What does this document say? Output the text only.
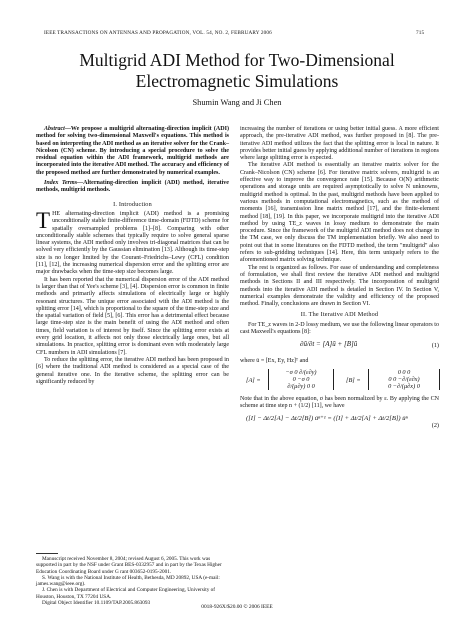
IEEE TRANSACTIONS ON ANTENNAS AND PROPAGATION, VOL. 54, NO. 2, FEBRUARY 2006	715
Multigrid ADI Method for Two-Dimensional
Electromagnetic Simulations
Shumin Wang and Ji Chen

Abstract—We propose a multigrid alternating-direction implicit (ADI) method for solving two-dimensional Maxwell's equations. This method is based on interpreting the ADI method as an iterative solver for the Crank–Nicolson (CN) scheme. By introducing a special procedure to solve the residual equation within the ADI framework, multigrid methods are incorporated into the iterative ADI method. The accuracy and efficiency of the proposed method are further demonstrated by numerical examples.

Index Terms—Alternating-direction implicit (ADI) method, iterative methods, multigrid methods.

I. Introduction

THE alternating-direction implicit (ADI) method is a promising unconditionally stable finite-difference time-domain (FDTD) scheme for spatially oversampled problems [1]–[8]. Comparing with other unconditionally stable schemes that typically require to solve general sparse linear systems, the ADI method only involves tri-diagonal matrices that can be solved very efficiently by the Gaussian elimination [13]. Although its time-step size is no longer limited by the Courant–Friedrichs–Lewy (CFL) condition [11], [12], the increasing numerical dispersion error and the splitting error are major drawbacks when the time-step size becomes large.

It has been reported that the numerical dispersion error of the ADI method is larger than that of Yee's scheme [3], [4]. Dispersion error is common in finite methods and primarily affects simulations of electrically large or highly resonant structures. The unique error associated with the ADI method is the splitting error [14], which is proportional to the square of the time-step size and the spatial variation of field [5], [6]. This error has a detrimental effect because large time-step size is the main benefit of using the ADI method and often times, field variation is of interest by itself. Since the splitting error exists at every grid location, it affects not only those electrically large ones, but all simulations. In practice, splitting error is dominant even with moderately large CFL numbers in ADI simulations [7].

To reduce the splitting error, the iterative ADI method has been proposed in [6] where the traditional ADI method is considered as a special case of the general iterative one. In the iterative scheme, the splitting error can be significantly reduced by

Manuscript received November 8, 2004; revised August 6, 2005. This work was supported in part by the NSF under Grant BES-0332957 and in part by the Texas Higher Education Coordinating Board under G rant 003652-0195-2001.

S. Wang is with the National Institute of Health, Bethesda, MD 20892, USA (e-mail: james.wang@ieee.org).

J. Chen is with Department of Electrical and Computer Engineering, University of Houston, Houston, TX 77204 USA.

Digital Object Identifier 10.1109/TAP.2005.863093

increasing the number of iterations or using better initial guess. A more efficient approach, the pre-iterative ADI method, was further proposed in [8]. The pre-iterative ADI method utilizes the fact that the splitting error is local in nature. It provides better initial guess by applying additional number of iterations in regions where large splitting error is expected.

The iterative ADI method is essentially an iterative matrix solver for the Crank–Nicolson (CN) scheme [6]. For iterative matrix solvers, multigrid is an effective way to improve the convergence rate [15]. Because O(N) arithmetic operations and storage units are required asymptotically to solve N unknowns, multigrid method is optimal. In the past, multigrid methods have been applied to various methods in computational electromagnetics, such as the method of moments [16], transmission line matrix method [17], and the finite-element method [18], [19]. In this paper, we incorporate multigrid into the iterative ADI method by using TE_z waves in lossy medium to demonstrate the main procedure. Since the framework of the multigrid ADI method does not change in the TM case, we only discuss the TM implementation briefly. We also need to point out that in some literatures on the FDTD method, the term "multigrid" also refers to sub-gridding techniques [14]. Here, this term uniquely refers to the aforementioned matrix solving technique.

The rest is organized as follows. For ease of understanding and completeness of formulation, we shall first review the iterative ADI method and multigrid methods in Sections II and III respectively. The incorporation of multigrid methods into the iterative ADI method is detailed in Section IV. In Section V, numerical examples demonstrate the validity and efficiency of the proposed method. Finally, conclusions are drawn in Section VI.

II. The Iterative ADI Method

For TE_z waves in 2-D lossy medium, we use the following linear operators to cast Maxwell's equations [8]:

∂ū/∂t = [A]ū + [B]ū	(1)

where ū = [Ex, Ey, Hz]ᵀ and

[A] =
−σ 0 ∂/(ε∂y)
0 −σ 0
∂/(μ∂y) 0 0
[B] =
0 0 0
0 0 −∂/(ε∂x)
0 −∂/(μ∂x) 0

Note that in the above equation, σ has been normalized by ε. By applying the CN scheme at time step n + (1/2) [11], we have

([I] − Δt/2[A] − Δt/2[B]) ūⁿ⁺¹ = ([I] + Δt/2[A] + Δt/2[B]) ūⁿ
(2)
0018-926X/$20.00 © 2006 IEEE
